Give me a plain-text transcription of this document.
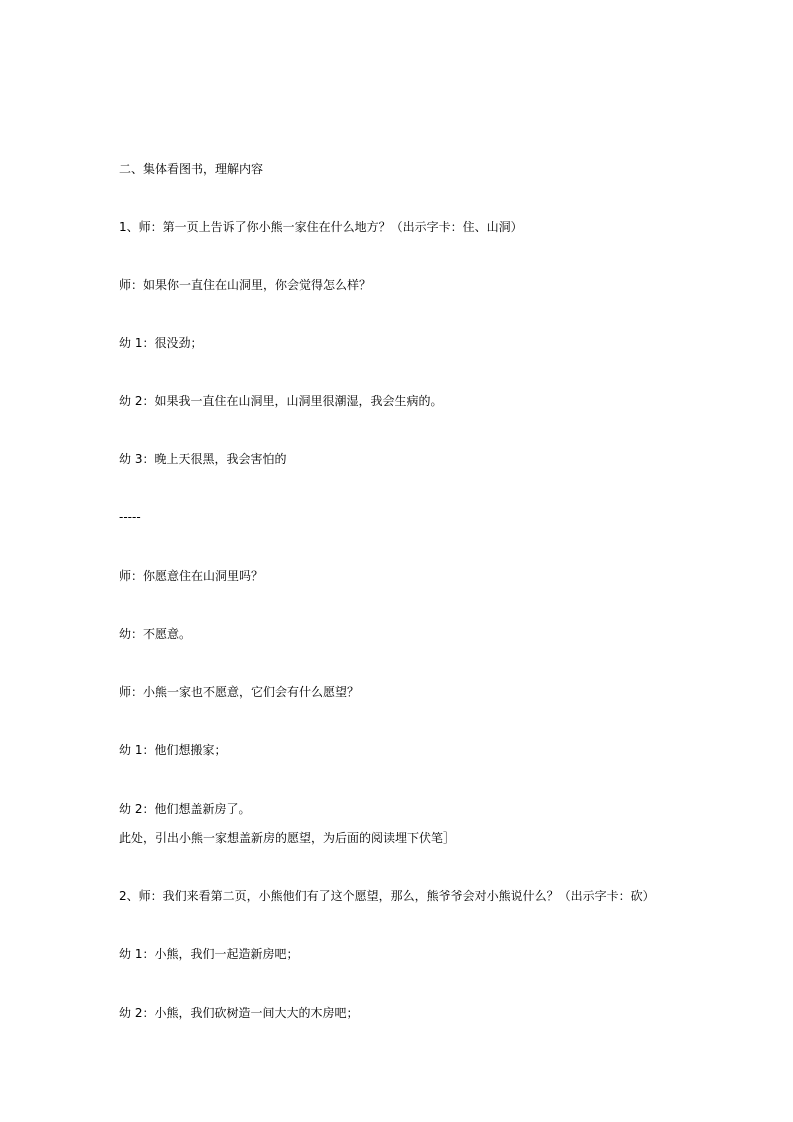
二、集体看图书，理解内容

1、师：第一页上告诉了你小熊一家住在什么地方？（出示字卡：住、山洞）

师：如果你一直住在山洞里，你会觉得怎么样？

幼 1：很没劲；

幼 2：如果我一直住在山洞里，山洞里很潮湿，我会生病的。

幼 3：晚上天很黑，我会害怕的

-----

师：你愿意住在山洞里吗？

幼：不愿意。

师：小熊一家也不愿意，它们会有什么愿望？

幼 1：他们想搬家；

幼 2：他们想盖新房了。

此处，引出小熊一家想盖新房的愿望，为后面的阅读埋下伏笔］

2、师：我们来看第二页，小熊他们有了这个愿望，那么，熊爷爷会对小熊说什么？（出示字卡：砍）

幼 1：小熊，我们一起造新房吧；

幼 2：小熊，我们砍树造一间大大的木房吧；
